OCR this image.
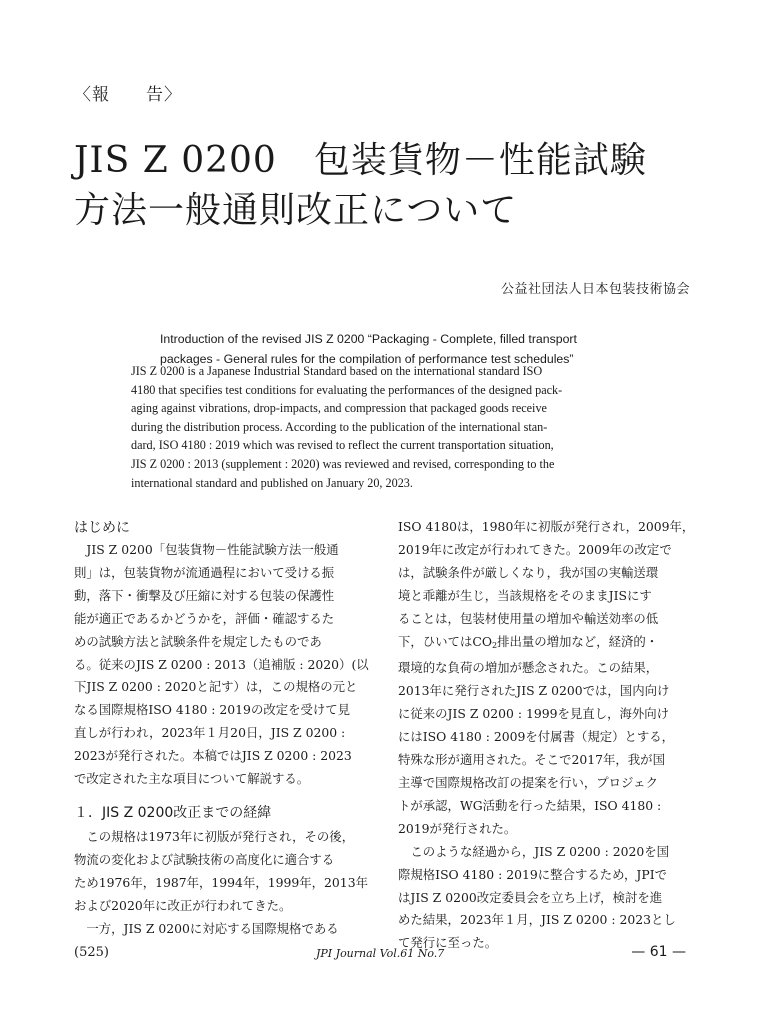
〈報　　告〉
JIS Z 0200　包装貨物－性能試験
方法一般通則改正について
公益社団法人日本包装技術協会
Introduction of the revised JIS Z 0200 “Packaging - Complete, filled transport
packages - General rules for the compilation of performance test schedules”
JIS Z 0200 is a Japanese Industrial Standard based on the international standard ISO
4180 that specifies test conditions for evaluating the performances of the designed pack-
aging against vibrations, drop-impacts, and compression that packaged goods receive
during the distribution process. According to the publication of the international stan-
dard, ISO 4180 : 2019 which was revised to reflect the current transportation situation,
JIS Z 0200 : 2013 (supplement : 2020) was reviewed and revised, corresponding to the
international standard and published on January 20, 2023.
はじめに
　JIS Z 0200「包装貨物－性能試験方法一般通
則」は，包装貨物が流通過程において受ける振
動，落下・衝撃及び圧縮に対する包装の保護性
能が適正であるかどうかを，評価・確認するた
めの試験方法と試験条件を規定したものであ
る。従来のJIS Z 0200 : 2013（追補版 : 2020）(以
下JIS Z 0200 : 2020と記す）は，この規格の元と
なる国際規格ISO 4180 : 2019の改定を受けて見
直しが行われ，2023年１月20日，JIS Z 0200 :
2023が発行された。本稿ではJIS Z 0200 : 2023
で改定された主な項目について解説する。
１．JIS Z 0200改正までの経緯
　この規格は1973年に初版が発行され，その後，
物流の変化および試験技術の高度化に適合する
ため1976年，1987年，1994年，1999年，2013年
および2020年に改正が行われてきた。
　一方，JIS Z 0200に対応する国際規格である
ISO 4180は，1980年に初版が発行され，2009年，
2019年に改定が行われてきた。2009年の改定で
は，試験条件が厳しくなり，我が国の実輸送環
境と乖離が生じ，当該規格をそのままJISにす
ることは，包装材使用量の増加や輸送効率の低
下，ひいては$CO_2$排出量の増加など，経済的・
環境的な負荷の増加が懸念された。この結果，
2013年に発行されたJIS Z 0200では，国内向け
に従来のJIS Z 0200 : 1999を見直し，海外向け
にはISO 4180 : 2009を付属書（規定）とする，
特殊な形が適用された。そこで2017年，我が国
主導で国際規格改訂の提案を行い，プロジェク
トが承認，WG活動を行った結果，ISO 4180 :
2019が発行された。
　このような経過から，JIS Z 0200 : 2020を国
際規格ISO 4180 : 2019に整合するため，JPIで
はJIS Z 0200改定委員会を立ち上げ，検討を進
めた結果，2023年１月，JIS Z 0200 : 2023とし
て発行に至った。
(525)	JPI Journal Vol.61 No.7	— 61 —
